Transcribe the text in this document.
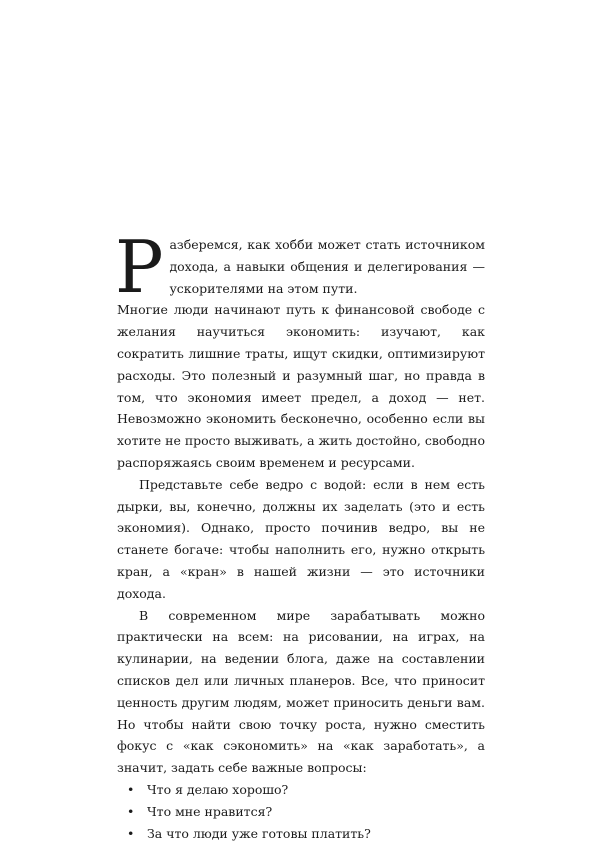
Разберемся, как хобби может стать источником дохода, а навыки общения и делегирования — ускорителями на этом пути.

Многие люди начинают путь к финансовой свободе с желания научиться экономить: изучают, как сократить лишние траты, ищут скидки, оптимизируют расходы. Это полезный и разумный шаг, но правда в том, что экономия имеет предел, а доход — нет. Невозможно экономить бесконечно, особенно если вы хотите не просто выживать, а жить достойно, свободно распоряжаясь своим временем и ресурсами.

Представьте себе ведро с водой: если в нем есть дырки, вы, конечно, должны их заделать (это и есть экономия). Однако, просто починив ведро, вы не станете богаче: чтобы наполнить его, нужно открыть кран, а «кран» в нашей жизни — это источники дохода.

В современном мире зарабатывать можно практически на всем: на рисовании, на играх, на кулинарии, на ведении блога, даже на составлении списков дел или личных планеров. Все, что приносит ценность другим людям, может приносить деньги вам. Но чтобы найти свою точку роста, нужно сместить фокус с «как сэкономить» на «как заработать», а значит, задать себе важные вопросы:

• Что я делаю хорошо?
• Что мне нравится?
• За что люди уже готовы платить?
